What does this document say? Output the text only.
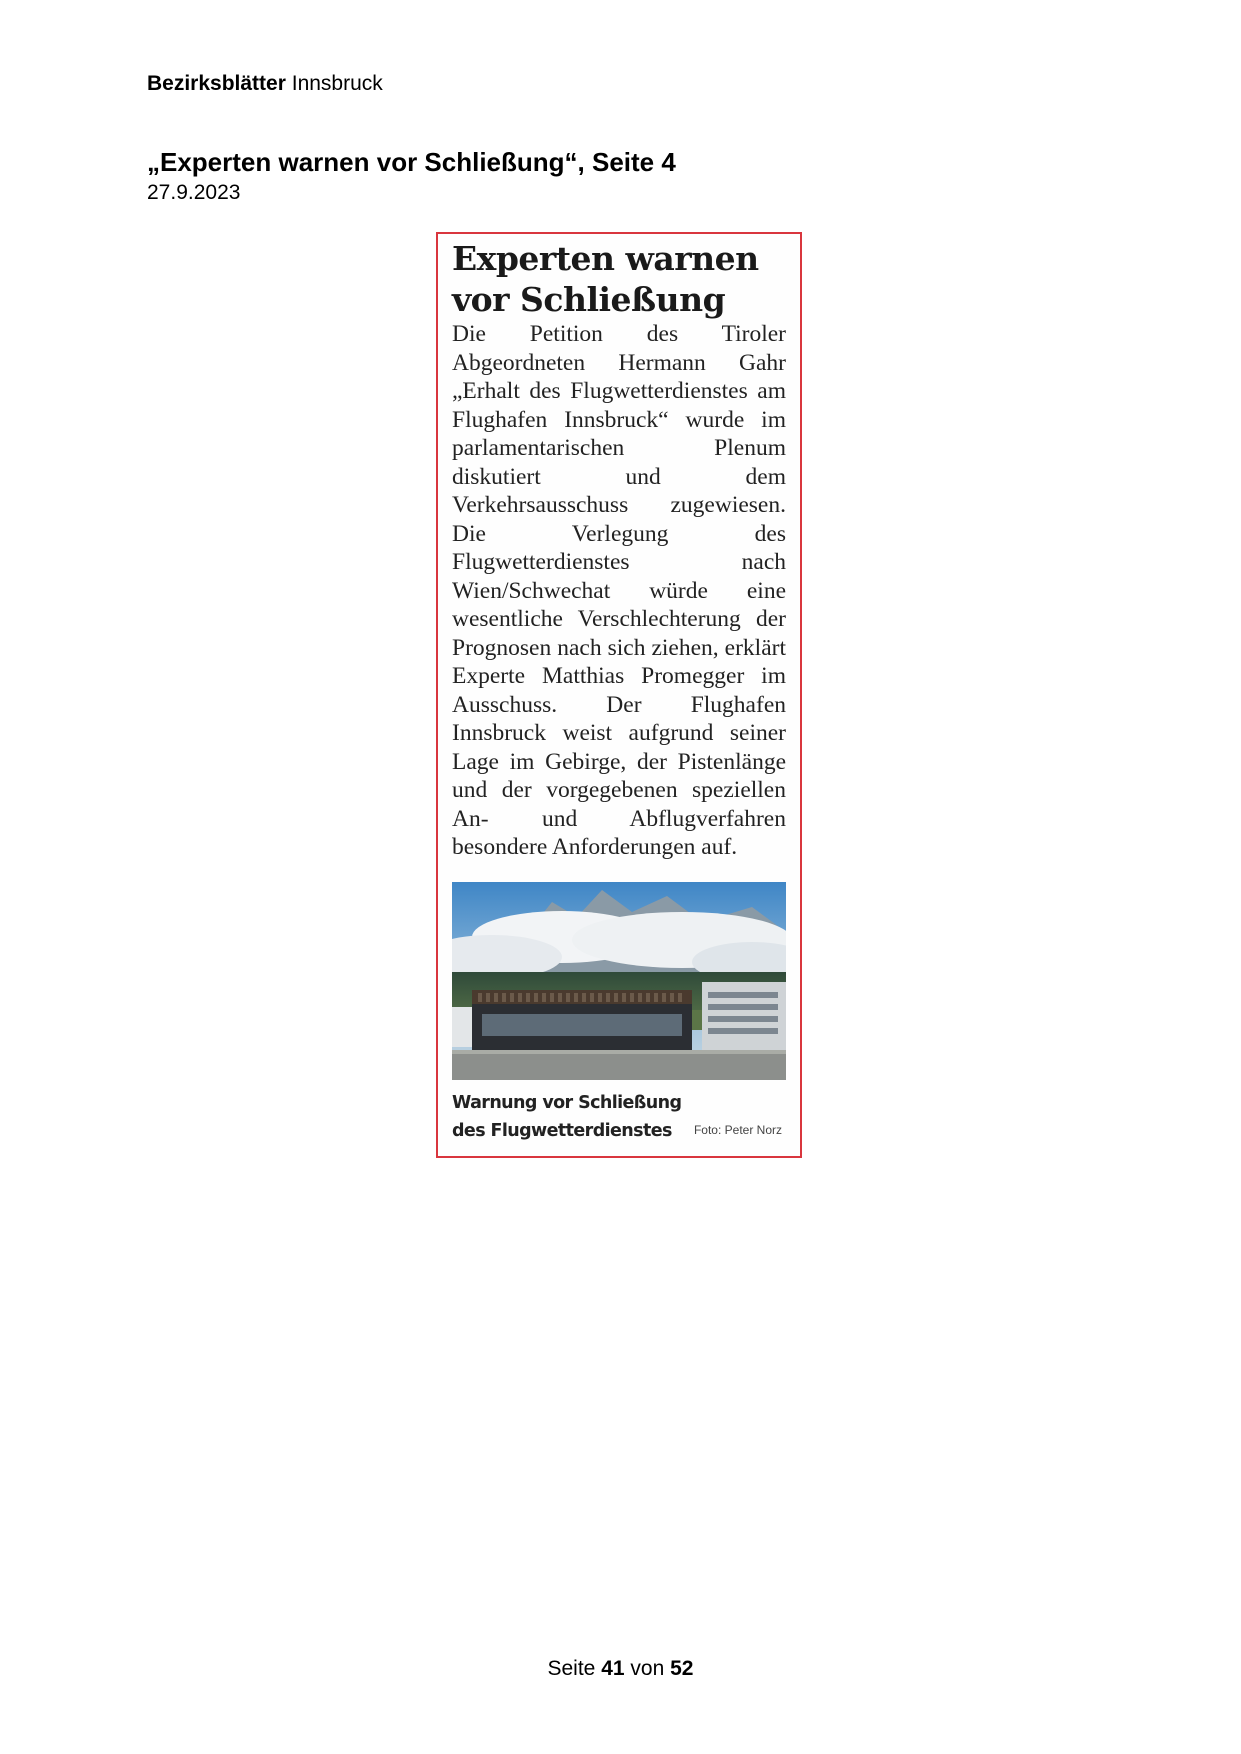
Bezirksblätter Innsbruck
„Experten warnen vor Schließung“, Seite 4
27.9.2023
Experten warnen vor Schließung
Die Petition des Tiroler Abgeordneten Hermann Gahr „Erhalt des Flugwetterdienstes am Flughafen Innsbruck“ wurde im parlamentarischen Plenum diskutiert und dem Verkehrsausschuss zugewiesen. Die Verlegung des Flugwetterdienstes nach Wien/Schwechat würde eine wesentliche Verschlechterung der Prognosen nach sich ziehen, erklärt Experte Matthias Promegger im Ausschuss. Der Flughafen Innsbruck weist aufgrund seiner Lage im Gebirge, der Pistenlänge und der vorgegebenen speziellen An- und Abflugverfahren besondere Anforderungen auf.
Warnung vor Schließung des Flugwetterdienstes	Foto: Peter Norz
Seite 41 von 52
